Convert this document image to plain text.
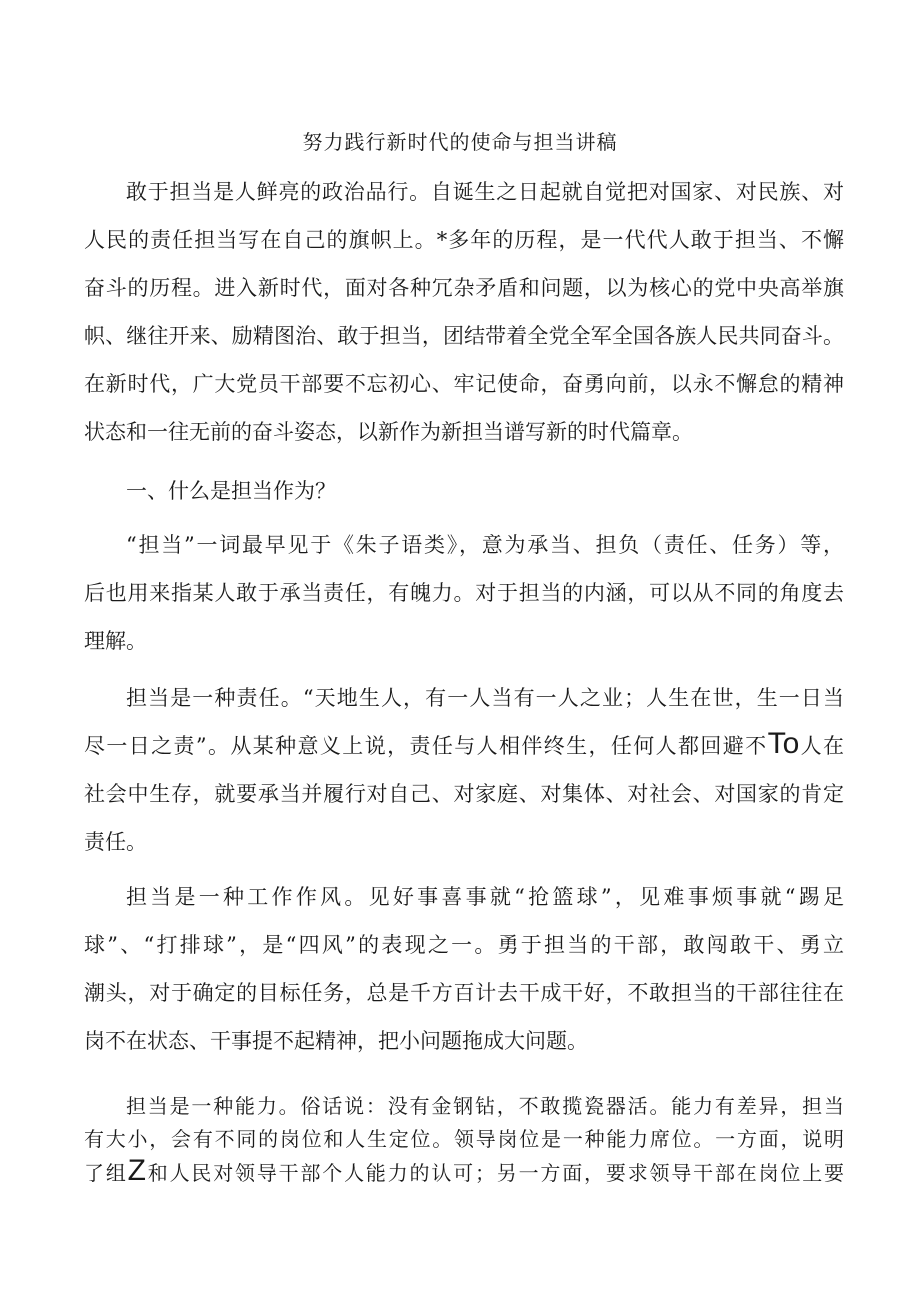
努力践行新时代的使命与担当讲稿

敢于担当是人鲜亮的政治品行。自诞生之日起就自觉把对国家、对民族、对
人民的责任担当写在自己的旗帜上。*多年的历程，是一代代人敢于担当、不懈
奋斗的历程。进入新时代，面对各种冗杂矛盾和问题，以为核心的党中央高举旗
帜、继往开来、励精图治、敢于担当，团结带着全党全军全国各族人民共同奋斗。
在新时代，广大党员干部要不忘初心、牢记使命，奋勇向前，以永不懈怠的精神
状态和一往无前的奋斗姿态，以新作为新担当谱写新的时代篇章。

一、什么是担当作为？

“担当”一词最早见于《朱子语类》，意为承当、担负（责任、任务）等，
后也用来指某人敢于承当责任，有魄力。对于担当的内涵，可以从不同的角度去
理解。

担当是一种责任。“天地生人，有一人当有一人之业；人生在世，生一日当
尽一日之责”。从某种意义上说，责任与人相伴终生，任何人都回避不To人在
社会中生存，就要承当并履行对自己、对家庭、对集体、对社会、对国家的肯定
责任。

担当是一种工作作风。见好事喜事就“抢篮球”，见难事烦事就“踢足
球”、“打排球”，是“四风”的表现之一。勇于担当的干部，敢闯敢干、勇立
潮头，对于确定的目标任务，总是千方百计去干成干好，不敢担当的干部往往在
岗不在状态、干事提不起精神，把小问题拖成大问题。

担当是一种能力。俗话说：没有金钢钻，不敢揽瓷器活。能力有差异，担当
有大小，会有不同的岗位和人生定位。领导岗位是一种能力席位。一方面，说明
了组Z和人民对领导干部个人能力的认可；另一方面，要求领导干部在岗位上要
